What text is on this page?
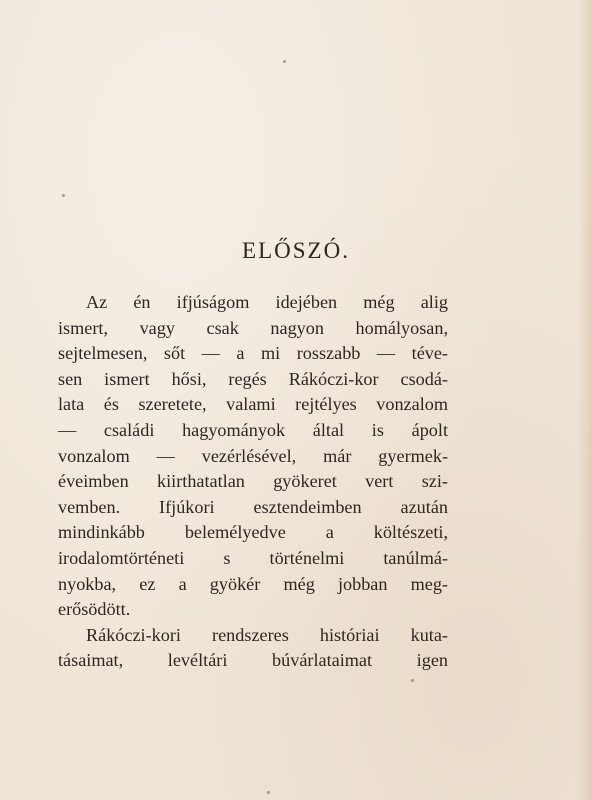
ELŐSZÓ.
Az én ifjúságom idejében még alig
ismert, vagy csak nagyon homályosan,
sejtelmesen, sőt — a mi rosszabb — téve-
sen ismert hősi, regés Rákóczi-kor csodá-
lata és szeretete, valami rejtélyes vonzalom
— családi hagyományok által is ápolt
vonzalom — vezérlésével, már gyermek-
éveimben kiirthatatlan gyökeret vert szi-
vemben. Ifjúkori esztendeimben azután
mindinkább belemélyedve a költészeti,
irodalomtörténeti s történelmi tanúlmá-
nyokba, ez a gyökér még jobban meg-
erősödött.
Rákóczi-kori rendszeres históriai kuta-
tásaimat, levéltári búvárlataimat igen
